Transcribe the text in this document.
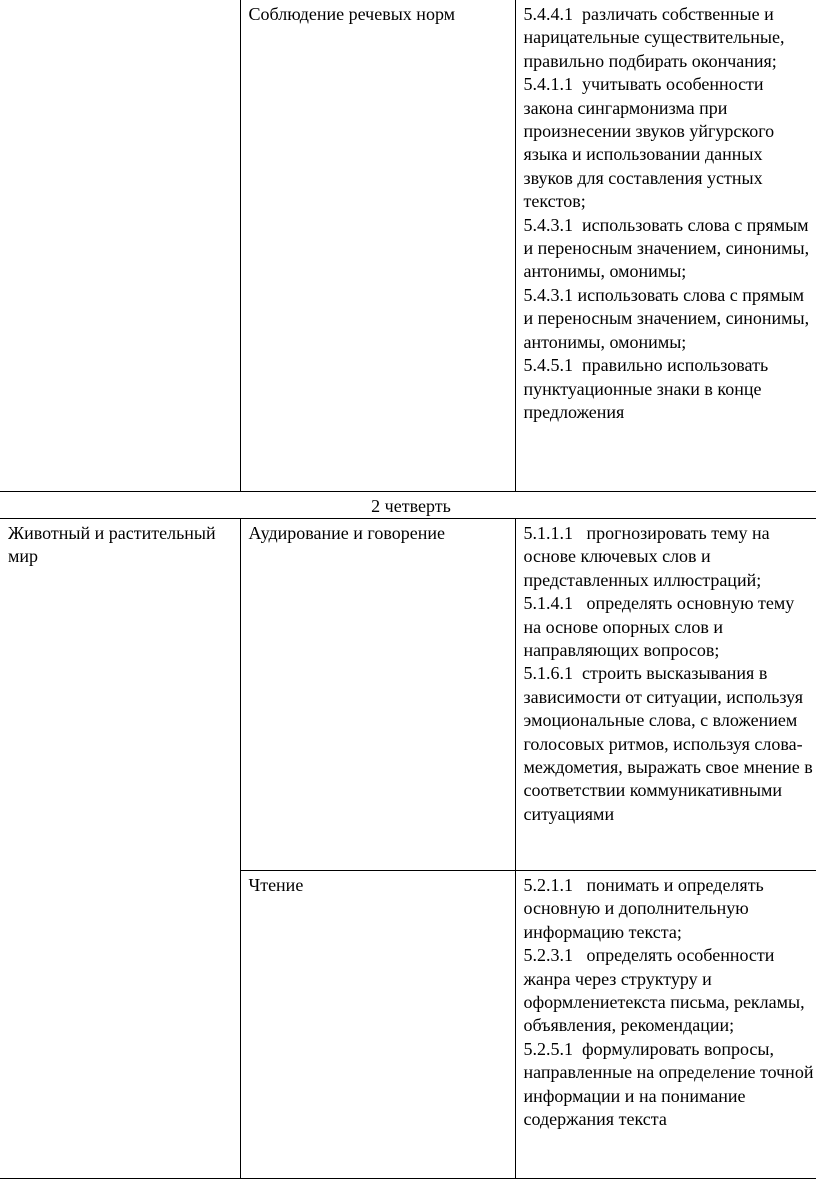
	Соблюдение речевых норм	5.4.4.1 различать собственные и нарицательные существительные, правильно подбирать окончания;
5.4.1.1 учитывать особенности закона сингармонизма при произнесении звуков уйгурского языка и использовании данных звуков для составления устных текстов;
5.4.3.1 использовать слова с прямым и переносным значением, синонимы, антонимы, омонимы;
5.4.3.1 использовать слова с прямым и переносным значением, синонимы, антонимы, омонимы;
5.4.5.1 правильно использовать пунктуационные знаки в конце предложения

2 четверть		
Животный и растительный мир	Аудирование и говорение	5.1.1.1 прогнозировать тему на основе ключевых слов и представленных иллюстраций;
5.1.4.1 определять основную тему на основе опорных слов и направляющих вопросов;
5.1.6.1 строить высказывания в зависимости от ситуации, используя эмоциональные слова, с вложением голосовых ритмов, используя слова-междометия, выражать свое мнение в соответствии коммуникативными ситуациями

	Чтение	5.2.1.1 понимать и определять основную и дополнительную информацию текста;
5.2.3.1 определять особенности жанра через структуру и оформлениетекста письма, рекламы, объявления, рекомендации;
5.2.5.1 формулировать вопросы, направленные на определение точной информации и на понимание содержания текста
